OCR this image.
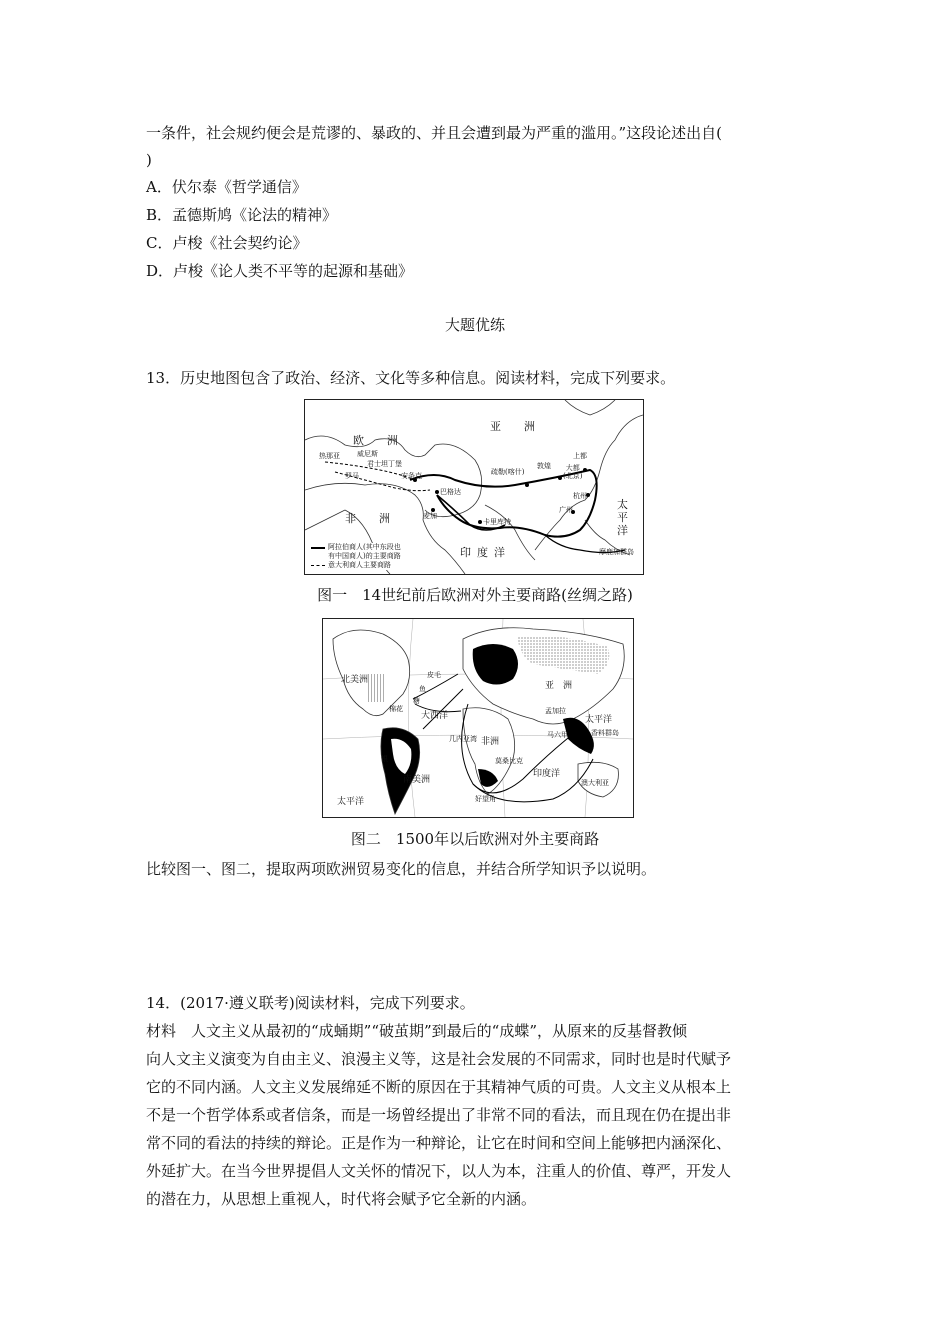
一条件，社会规约便会是荒谬的、暴政的、并且会遭到最为严重的滥用。”这段论述出自(
)
A．伏尔泰《哲学通信》
B．孟德斯鸠《论法的精神》
C．卢梭《社会契约论》
D．卢梭《论人类不平等的起源和基础》
大题优练
13．历史地图包含了政治、经济、文化等多种信息。阅读材料，完成下列要求。
亚　洲
欧　洲
非　洲
印度洋
太
平
洋
热那亚 威尼斯
君士坦丁堡
罗马	安条克
巴格达
麦加
卡里库特
疏勒(喀什)
敦煌
上都
大都
(北京)
杭州
广州
摩鹿加群岛
阿拉伯商人(其中东段也
有中国商人)的主要商路
意大利商人主要商路
图一　14世纪前后欧洲对外主要商路(丝绸之路)
亚　洲
北美洲
南美洲
非洲
大西洋
印度洋
太平洋
太平洋
澳大利亚
几内亚湾
好望角
莫桑比克
孟加拉
马六甲	香料群岛
鱼
糖
棉花
银
皮毛
图二　1500年以后欧洲对外主要商路
比较图一、图二，提取两项欧洲贸易变化的信息，并结合所学知识予以说明。
14．(2017·遵义联考)阅读材料，完成下列要求。
材料　人文主义从最初的“成蛹期”“破茧期”到最后的“成蝶”，从原来的反基督教倾
向人文主义演变为自由主义、浪漫主义等，这是社会发展的不同需求，同时也是时代赋予
它的不同内涵。人文主义发展绵延不断的原因在于其精神气质的可贵。人文主义从根本上
不是一个哲学体系或者信条，而是一场曾经提出了非常不同的看法，而且现在仍在提出非
常不同的看法的持续的辩论。正是作为一种辩论，让它在时间和空间上能够把内涵深化、
外延扩大。在当今世界提倡人文关怀的情况下，以人为本，注重人的价值、尊严，开发人
的潜在力，从思想上重视人，时代将会赋予它全新的内涵。
